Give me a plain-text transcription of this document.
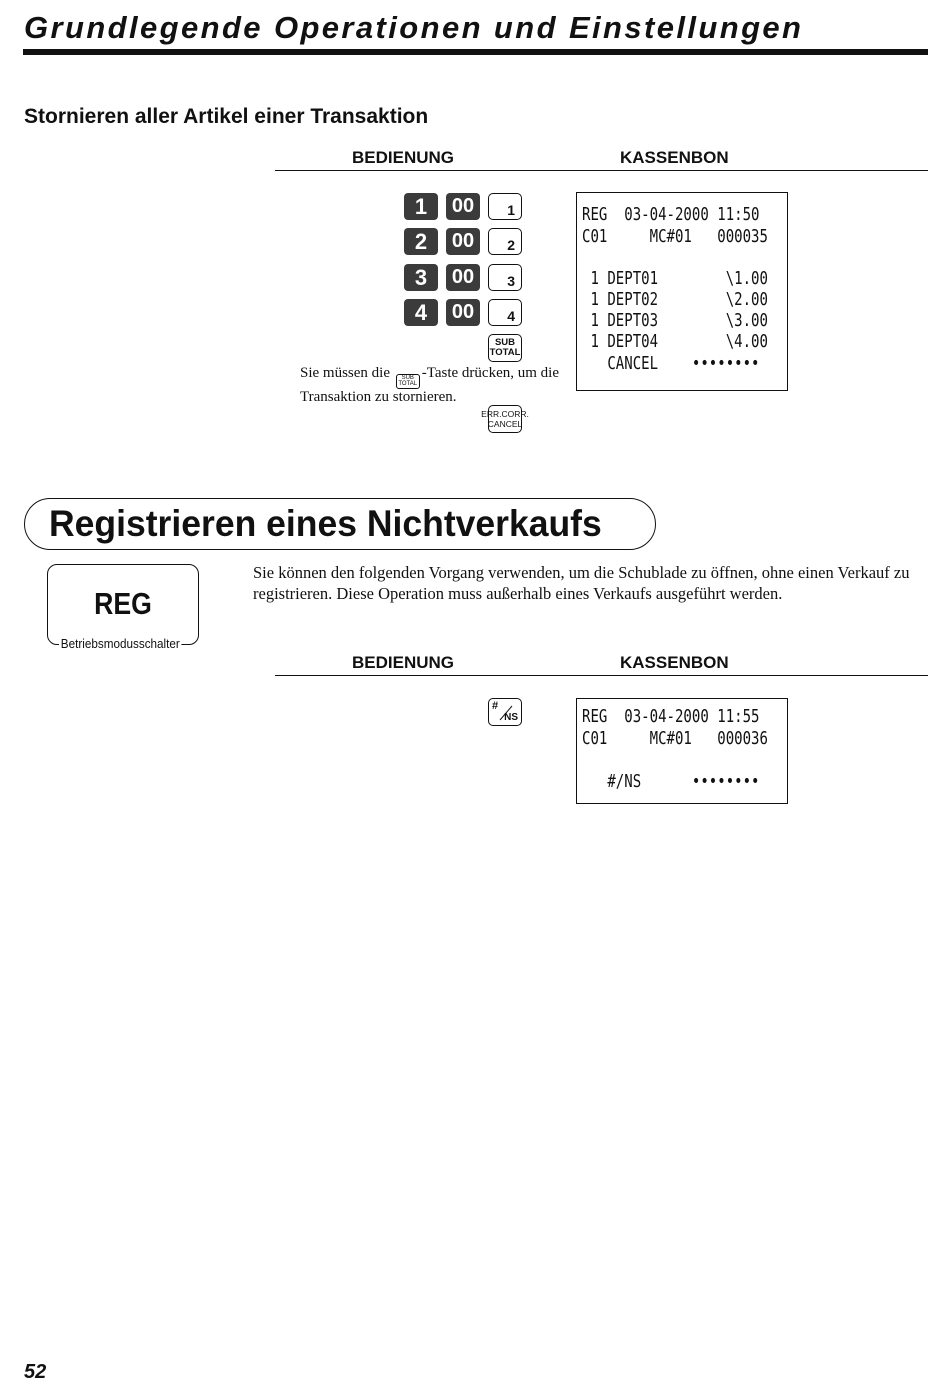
Grundlegende Operationen und Einstellungen
Stornieren aller Artikel einer Transaktion
BEDIENUNG	KASSENBON
1	00	1
2	00	2
3	00	3
4	00	4
SUB
TOTAL
ERR.CORR.
CANCEL
Sie müssen die SUB
TOTAL
-Taste drücken, um die Transaktion zu stornieren.
REG  03-04-2000 11:50
C01     MC#01   000035
1 DEPT01        \1.00
1 DEPT02        \2.00
1 DEPT03        \3.00
1 DEPT04        \4.00
CANCEL    ••••••••
Registrieren eines Nichtverkaufs
REG
Betriebsmodusschalter
Sie können den folgenden Vorgang verwenden, um die Schublade zu öffnen, ohne einen Verkauf zu registrieren. Diese Operation muss außerhalb eines Verkaufs ausgeführt werden.
BEDIENUNG	KASSENBON
#
NS	REG  03-04-2000 11:55
C01     MC#01   000036
#/NS      ••••••••
52
